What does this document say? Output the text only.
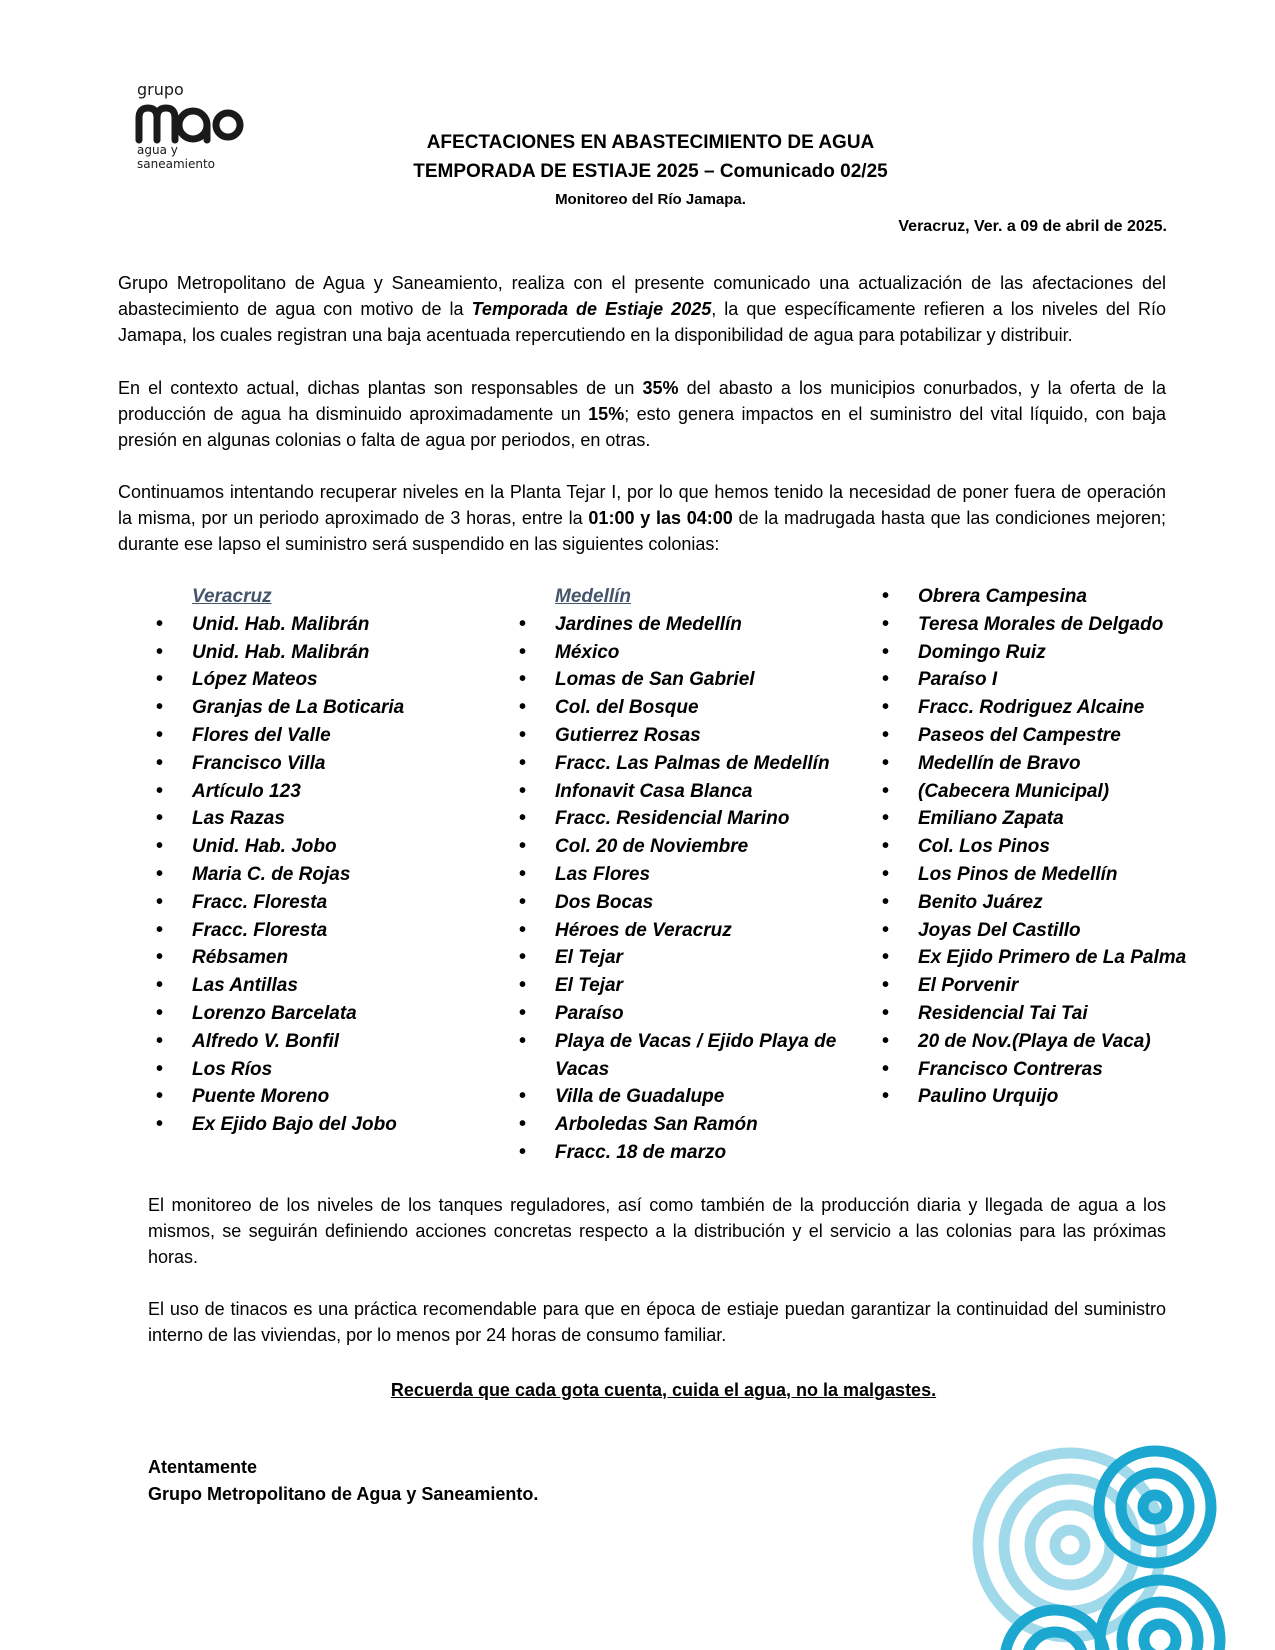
grupo
agua y
saneamiento
AFECTACIONES EN ABASTECIMIENTO DE AGUA
TEMPORADA DE ESTIAJE 2025 – Comunicado 02/25
Monitoreo del Río Jamapa.
Veracruz, Ver. a 09 de abril de 2025.
Grupo Metropolitano de Agua y Saneamiento, realiza con el presente comunicado una actualización de las afectaciones del abastecimiento de agua con motivo de la Temporada de Estiaje 2025, la que específicamente refieren a los niveles del Río Jamapa, los cuales registran una baja acentuada repercutiendo en la disponibilidad de agua para potabilizar y distribuir.
En el contexto actual, dichas plantas son responsables de un 35% del abasto a los municipios conurbados, y la oferta de la producción de agua ha disminuido aproximadamente un 15%; esto genera impactos en el suministro del vital líquido, con baja presión en algunas colonias o falta de agua por periodos, en otras.
Continuamos intentando recuperar niveles en la Planta Tejar I, por lo que hemos tenido la necesidad de poner fuera de operación la misma, por un periodo aproximado de 3 horas, entre la 01:00 y las 04:00 de la madrugada hasta que las condiciones mejoren; durante ese lapso el suministro será suspendido en las siguientes colonias:
Veracruz
• Unid. Hab. Malibrán
• Unid. Hab. Malibrán
• López Mateos
• Granjas de La Boticaria
• Flores del Valle
• Francisco Villa
• Artículo 123
• Las Razas
• Unid. Hab. Jobo
• Maria C. de Rojas
• Fracc. Floresta
• Fracc. Floresta
• Rébsamen
• Las Antillas
• Lorenzo Barcelata
• Alfredo V. Bonfil
• Los Ríos
• Puente Moreno
• Ex Ejido Bajo del Jobo
Medellín
• Jardines de Medellín
• México
• Lomas de San Gabriel
• Col. del Bosque
• Gutierrez Rosas
• Fracc. Las Palmas de Medellín
• Infonavit Casa Blanca
• Fracc. Residencial Marino
• Col. 20 de Noviembre
• Las Flores
• Dos Bocas
• Héroes de Veracruz
• El Tejar
• El Tejar
• Paraíso
• Playa de Vacas / Ejido Playa de Vacas
• Villa de Guadalupe
• Arboledas San Ramón
• Fracc. 18 de marzo
• Obrera Campesina
• Teresa Morales de Delgado
• Domingo Ruiz
• Paraíso I
• Fracc. Rodriguez Alcaine
• Paseos del Campestre
• Medellín de Bravo
• (Cabecera Municipal)
• Emiliano Zapata
• Col. Los Pinos
• Los Pinos de Medellín
• Benito Juárez
• Joyas Del Castillo
• Ex Ejido Primero de La Palma
• El Porvenir
• Residencial Tai Tai
• 20 de Nov.(Playa de Vaca)
• Francisco Contreras
• Paulino Urquijo
El monitoreo de los niveles de los tanques reguladores, así como también de la producción diaria y llegada de agua a los mismos, se seguirán definiendo acciones concretas respecto a la distribución y el servicio a las colonias para las próximas horas.
El uso de tinacos es una práctica recomendable para que en época de estiaje puedan garantizar la continuidad del suministro interno de las viviendas, por lo menos por 24 horas de consumo familiar.
Recuerda que cada gota cuenta, cuida el agua, no la malgastes.
Atentamente
Grupo Metropolitano de Agua y Saneamiento.
